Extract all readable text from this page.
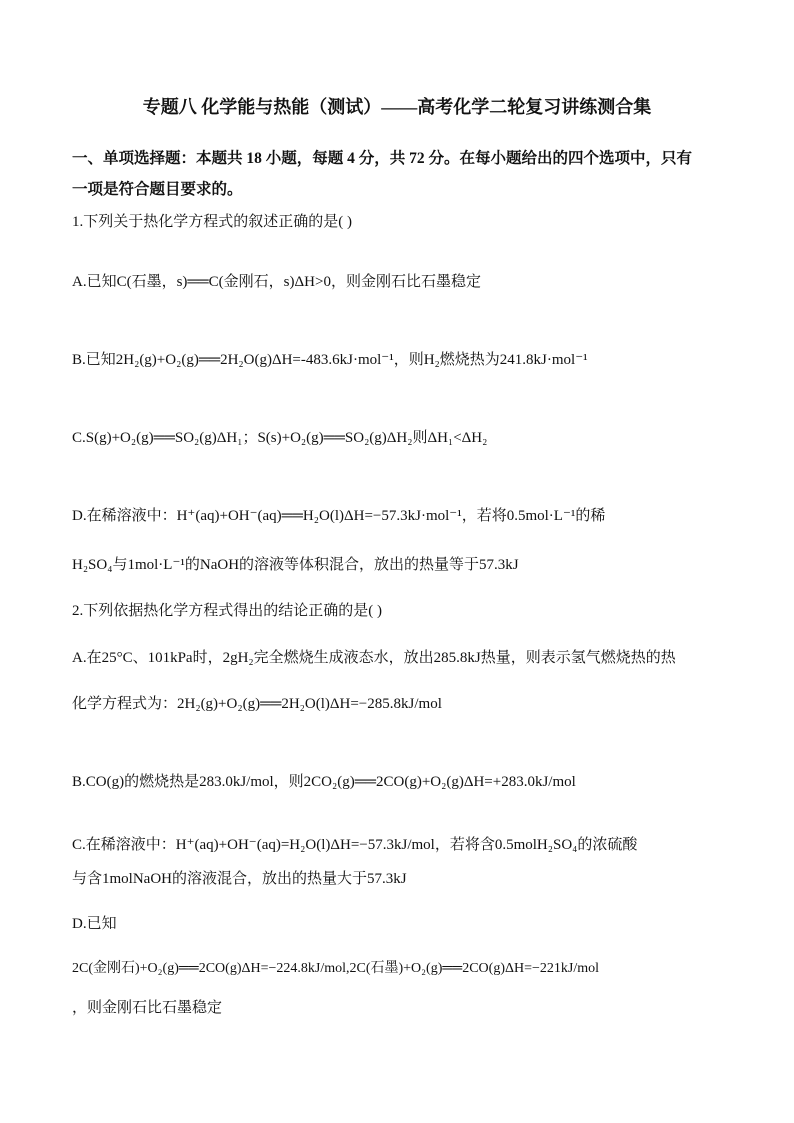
专题八 化学能与热能（测试）——高考化学二轮复习讲练测合集
一、单项选择题：本题共 18 小题，每题 4 分，共 72 分。在每小题给出的四个选项中，只有
一项是符合题目要求的。
1.下列关于热化学方程式的叙述正确的是( )
A.已知C(石墨，s)══C(金刚石，s)ΔH>0，则金刚石比石墨稳定
B.已知2H₂(g)+O₂(g)══2H₂O(g)ΔH=-483.6kJ·mol⁻¹，则H₂燃烧热为241.8kJ·mol⁻¹
C.S(g)+O₂(g)══SO₂(g)ΔH₁；S(s)+O₂(g)══SO₂(g)ΔH₂则ΔH₁<ΔH₂
D.在稀溶液中：H⁺(aq)+OH⁻(aq)══H₂O(l)ΔH=−57.3kJ·mol⁻¹，若将0.5mol·L⁻¹的稀
H₂SO₄与1mol·L⁻¹的NaOH的溶液等体积混合，放出的热量等于57.3kJ
2.下列依据热化学方程式得出的结论正确的是( )
A.在25°C、101kPa时，2gH₂完全燃烧生成液态水，放出285.8kJ热量，则表示氢气燃烧热的热
化学方程式为：2H₂(g)+O₂(g)══2H₂O(l)ΔH=−285.8kJ/mol
B.CO(g)的燃烧热是283.0kJ/mol，则2CO₂(g)══2CO(g)+O₂(g)ΔH=+283.0kJ/mol
C.在稀溶液中：H⁺(aq)+OH⁻(aq)=H₂O(l)ΔH=−57.3kJ/mol，若将含0.5molH₂SO₄的浓硫酸
与含1molNaOH的溶液混合，放出的热量大于57.3kJ
D.已知
2C(金刚石)+O₂(g)══2CO(g)ΔH=−224.8kJ/mol,2C(石墨)+O₂(g)══2CO(g)ΔH=−221kJ/mol
，则金刚石比石墨稳定
